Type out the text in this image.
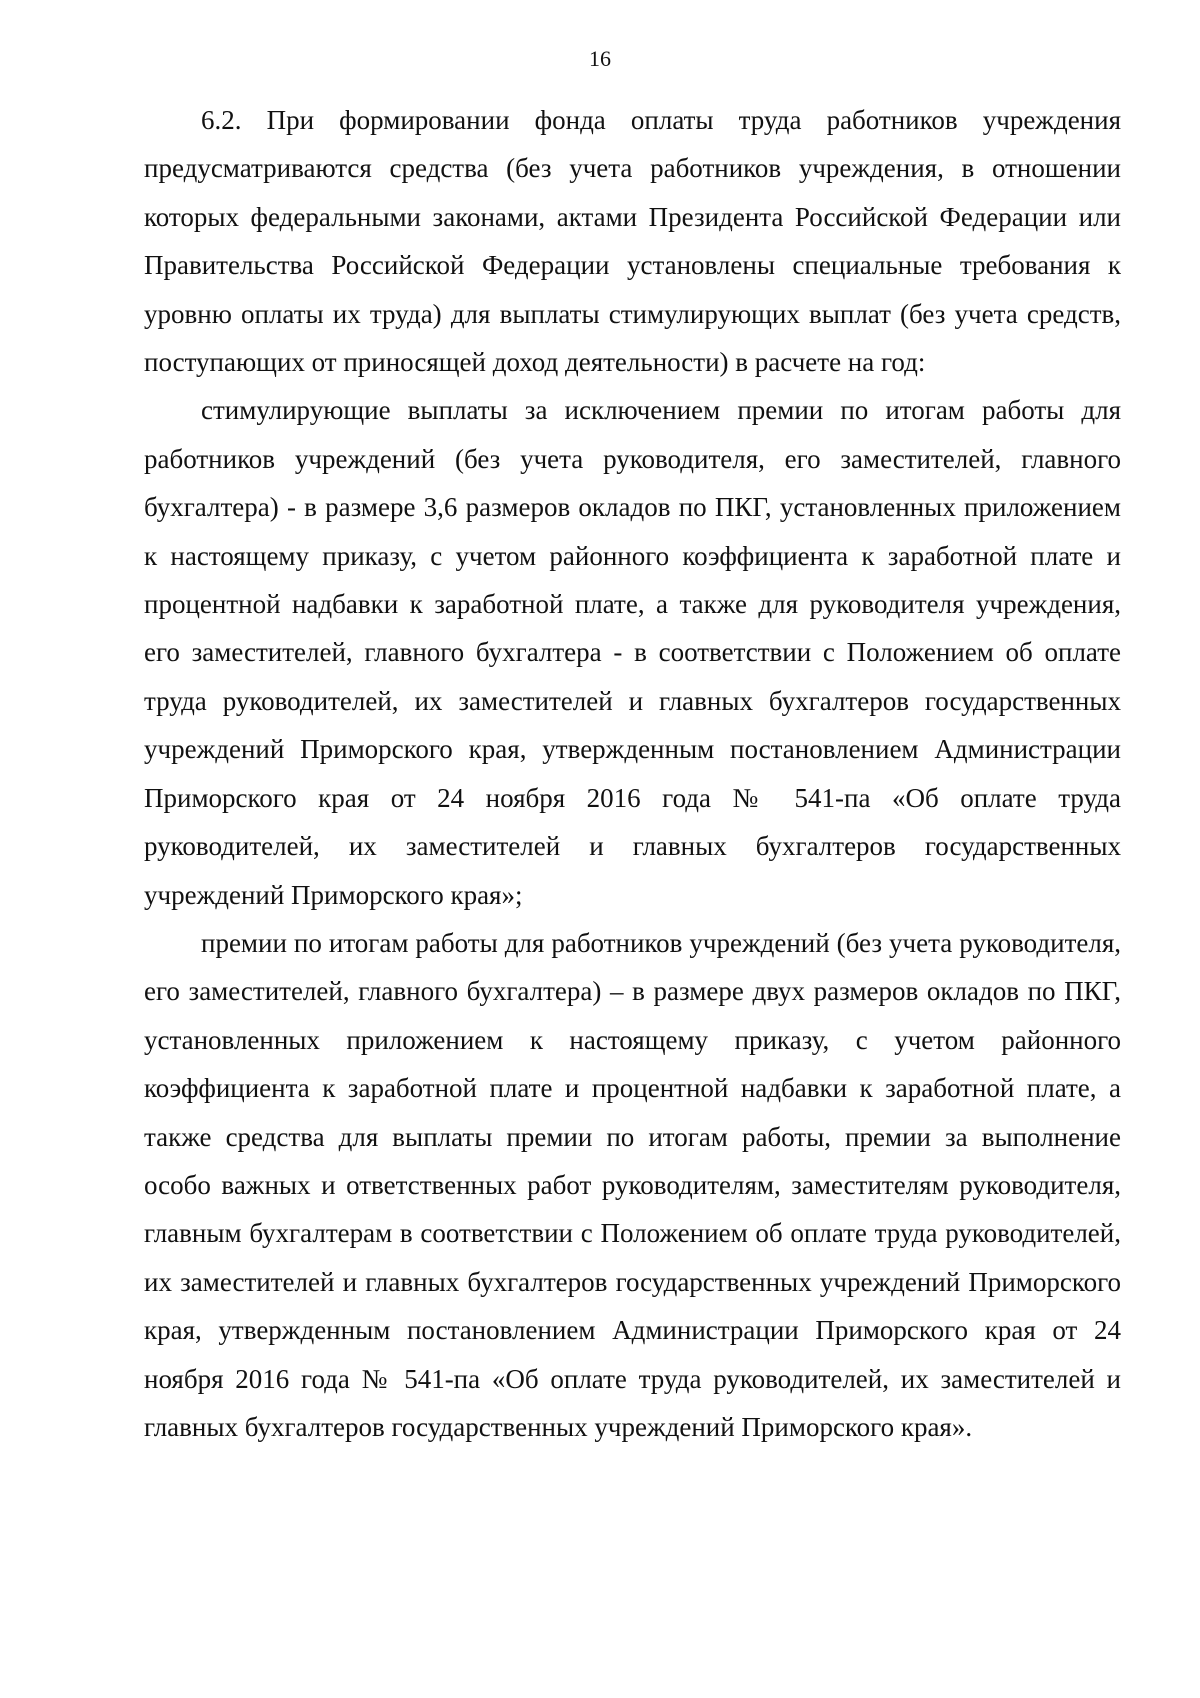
16

6.2. При формировании фонда оплаты труда работников учреждения предусматриваются средства (без учета работников учреждения, в отношении которых федеральными законами, актами Президента Российской Федерации или Правительства Российской Федерации установлены специальные требования к уровню оплаты их труда) для выплаты стимулирующих выплат (без учета средств, поступающих от приносящей доход деятельности) в расчете на год:

стимулирующие выплаты за исключением премии по итогам работы для работников учреждений (без учета руководителя, его заместителей, главного бухгалтера) - в размере 3,6 размеров окладов по ПКГ, установленных приложением к настоящему приказу, с учетом районного коэффициента к заработной плате и процентной надбавки к заработной плате, а также для руководителя учреждения, его заместителей, главного бухгалтера - в соответствии с Положением об оплате труда руководителей, их заместителей и главных бухгалтеров государственных учреждений Приморского края, утвержденным постановлением Администрации Приморского края от 24 ноября 2016 года № 541-па «Об оплате труда руководителей, их заместителей и главных бухгалтеров государственных учреждений Приморского края»;

премии по итогам работы для работников учреждений (без учета руководителя, его заместителей, главного бухгалтера) – в размере двух размеров окладов по ПКГ, установленных приложением к настоящему приказу, с учетом районного коэффициента к заработной плате и процентной надбавки к заработной плате, а также средства для выплаты премии по итогам работы, премии за выполнение особо важных и ответственных работ руководителям, заместителям руководителя, главным бухгалтерам в соответствии с Положением об оплате труда руководителей, их заместителей и главных бухгалтеров государственных учреждений Приморского края, утвержденным постановлением Администрации Приморского края от 24 ноября 2016 года № 541-па «Об оплате труда руководителей, их заместителей и главных бухгалтеров государственных учреждений Приморского края».
